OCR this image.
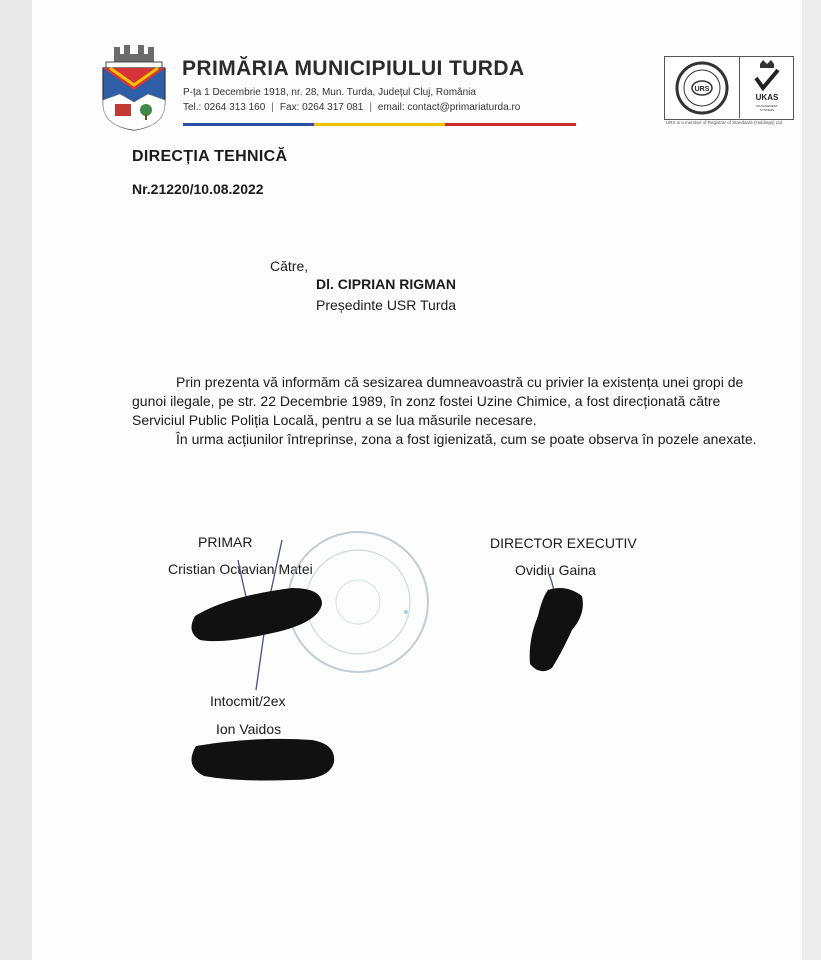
PRIMĂRIA MUNICIPIULUI TURDA
P-ța 1 Decembrie 1918, nr. 28, Mun. Turda, Județul Cluj, România
Tel.: 0264 313 160 | Fax: 0264 317 081 | email: contact@primariaturda.ro
URS
UKAS
MANAGEMENT
SYSTEMS
URS is a member of Registrar of Standards (Holdings) Ltd
DIRECȚIA TEHNICĂ
Nr.21220/10.08.2022
Către,
Dl. CIPRIAN RIGMAN
Președinte USR Turda

Prin prezenta vă informăm că sesizarea dumneavoastră cu privier la existența unei gropi de gunoi ilegale, pe str. 22 Decembrie 1989, în zonz fostei Uzine Chimice, a fost direcționată către Serviciul Public Poliția Locală, pentru a se lua măsurile necesare.

În urma acțiunilor întreprinse, zona a fost igienizată, cum se poate observa în pozele anexate.

PRIMAR
Cristian Octavian Matei
DIRECTOR EXECUTIV
Ovidiu Gaina
Intocmit/2ex
Ion Vaidos
